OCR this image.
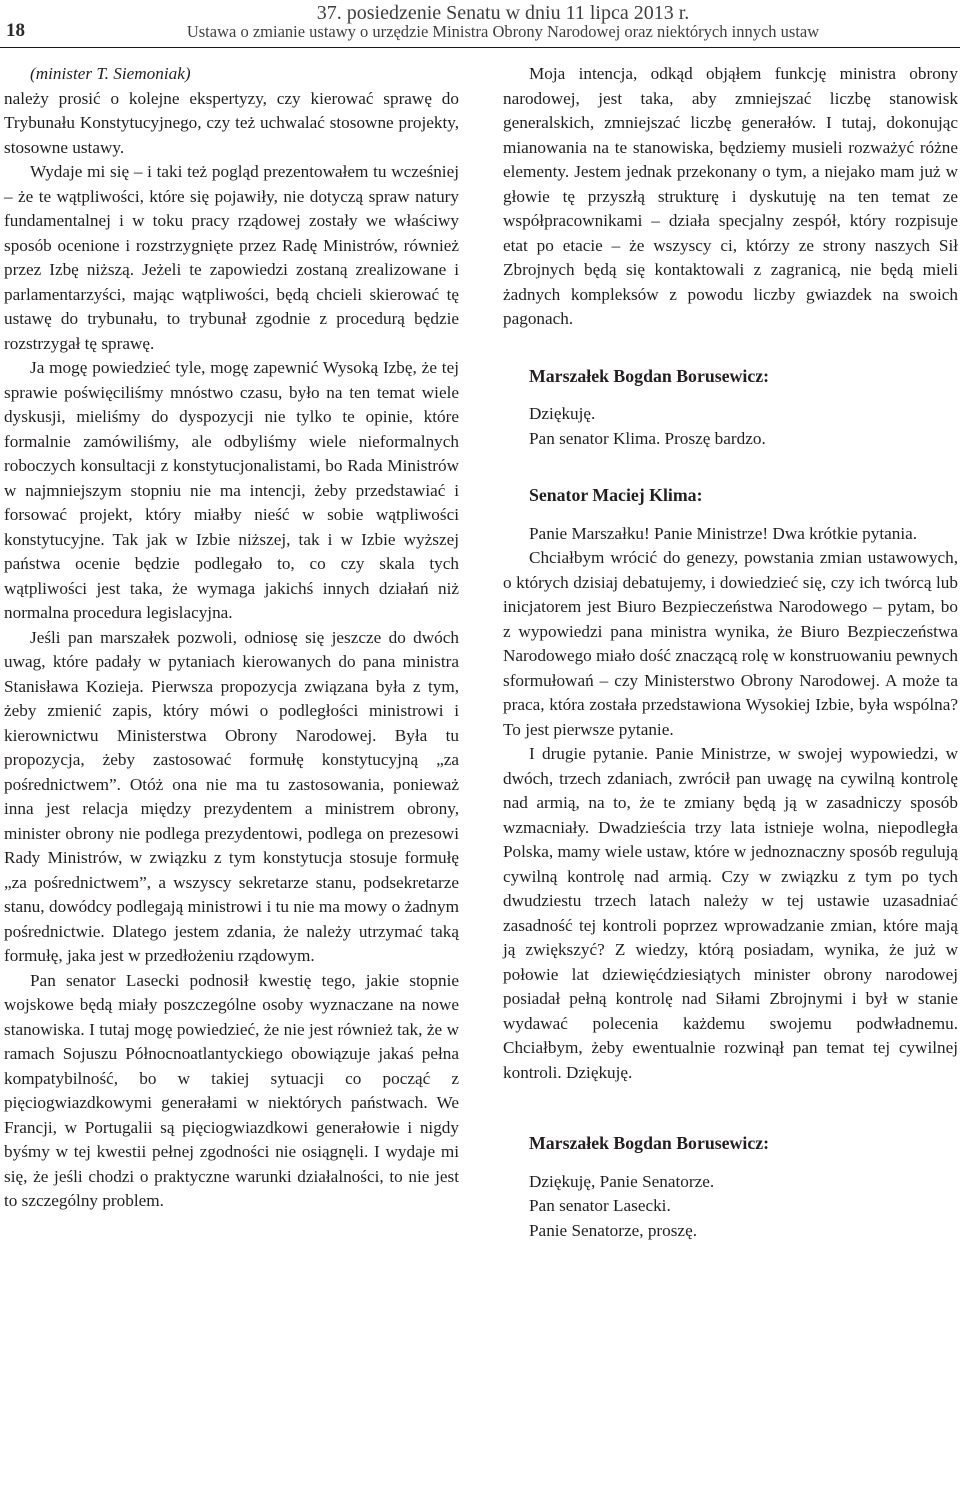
18
37. posiedzenie Senatu w dniu 11 lipca 2013 r.
Ustawa o zmianie ustawy o urzędzie Ministra Obrony Narodowej oraz niektórych innych ustaw

(minister T. Siemoniak)

należy prosić o kolejne ekspertyzy, czy kierować sprawę do Trybunału Konstytucyjnego, czy też uchwalać stosowne projekty, stosowne ustawy.

Wydaje mi się – i taki też pogląd prezentowałem tu wcześniej – że te wątpliwości, które się pojawiły, nie dotyczą spraw natury fundamentalnej i w toku pracy rządowej zostały we właściwy sposób ocenione i rozstrzygnięte przez Radę Ministrów, również przez Izbę niższą. Jeżeli te zapowiedzi zostaną zrealizowane i parlamentarzyści, mając wątpliwości, będą chcieli skierować tę ustawę do trybunału, to trybunał zgodnie z procedurą będzie rozstrzygał tę sprawę.

Ja mogę powiedzieć tyle, mogę zapewnić Wysoką Izbę, że tej sprawie poświęciliśmy mnóstwo czasu, było na ten temat wiele dyskusji, mieliśmy do dyspozycji nie tylko te opinie, które formalnie zamówiliśmy, ale odbyliśmy wiele nieformalnych roboczych konsultacji z konstytucjonalistami, bo Rada Ministrów w najmniejszym stopniu nie ma intencji, żeby przedstawiać i forsować projekt, który miałby nieść w sobie wątpliwości konstytucyjne. Tak jak w Izbie niższej, tak i w Izbie wyższej państwa ocenie będzie podlegało to, co czy skala tych wątpliwości jest taka, że wymaga jakichś innych działań niż normalna procedura legislacyjna.

Jeśli pan marszałek pozwoli, odniosę się jeszcze do dwóch uwag, które padały w pytaniach kierowanych do pana ministra Stanisława Kozieja. Pierwsza propozycja związana była z tym, żeby zmienić zapis, który mówi o podległości ministrowi i kierownictwu Ministerstwa Obrony Narodowej. Była tu propozycja, żeby zastosować formułę konstytucyjną „za pośrednictwem”. Otóż ona nie ma tu zastosowania, ponieważ inna jest relacja między prezydentem a ministrem obrony, minister obrony nie podlega prezydentowi, podlega on prezesowi Rady Ministrów, w związku z tym konstytucja stosuje formułę „za pośrednictwem”, a wszyscy sekretarze stanu, podsekretarze stanu, dowódcy podlegają ministrowi i tu nie ma mowy o żadnym pośrednictwie. Dlatego jestem zdania, że należy utrzymać taką formułę, jaka jest w przedłożeniu rządowym.

Pan senator Lasecki podnosił kwestię tego, jakie stopnie wojskowe będą miały poszczególne osoby wyznaczane na nowe stanowiska. I tutaj mogę powiedzieć, że nie jest również tak, że w ramach Sojuszu Północnoatlantyckiego obowiązuje jakaś pełna kompatybilność, bo w takiej sytuacji co począć z pięciogwiazdkowymi generałami w niektórych państwach. We Francji, w Portugalii są pięciogwiazdkowi generałowie i nigdy byśmy w tej kwestii pełnej zgodności nie osiągnęli. I wydaje mi się, że jeśli chodzi o praktyczne warunki działalności, to nie jest to szczególny problem.

Moja intencja, odkąd objąłem funkcję ministra obrony narodowej, jest taka, aby zmniejszać liczbę stanowisk generalskich, zmniejszać liczbę generałów. I tutaj, dokonując mianowania na te stanowiska, będziemy musieli rozważyć różne elementy. Jestem jednak przekonany o tym, a niejako mam już w głowie tę przyszłą strukturę i dyskutuję na ten temat ze współpracownikami – działa specjalny zespół, który rozpisuje etat po etacie – że wszyscy ci, którzy ze strony naszych Sił Zbrojnych będą się kontaktowali z zagranicą, nie będą mieli żadnych kompleksów z powodu liczby gwiazdek na swoich pagonach.

Marszałek Bogdan Borusewicz:

Dziękuję.

Pan senator Klima. Proszę bardzo.

Senator Maciej Klima:

Panie Marszałku! Panie Ministrze! Dwa krótkie pytania.

Chciałbym wrócić do genezy, powstania zmian ustawowych, o których dzisiaj debatujemy, i dowiedzieć się, czy ich twórcą lub inicjatorem jest Biuro Bezpieczeństwa Narodowego – pytam, bo z wypowiedzi pana ministra wynika, że Biuro Bezpieczeństwa Narodowego miało dość znaczącą rolę w konstruowaniu pewnych sformułowań – czy Ministerstwo Obrony Narodowej. A może ta praca, która została przedstawiona Wysokiej Izbie, była wspólna? To jest pierwsze pytanie.

I drugie pytanie. Panie Ministrze, w swojej wypowiedzi, w dwóch, trzech zdaniach, zwrócił pan uwagę na cywilną kontrolę nad armią, na to, że te zmiany będą ją w zasadniczy sposób wzmacniały. Dwadzieścia trzy lata istnieje wolna, niepodległa Polska, mamy wiele ustaw, które w jednoznaczny sposób regulują cywilną kontrolę nad armią. Czy w związku z tym po tych dwudziestu trzech latach należy w tej ustawie uzasadniać zasadność tej kontroli poprzez wprowadzanie zmian, które mają ją zwiększyć? Z wiedzy, którą posiadam, wynika, że już w połowie lat dziewięćdziesiątych minister obrony narodowej posiadał pełną kontrolę nad Siłami Zbrojnymi i był w stanie wydawać polecenia każdemu swojemu podwładnemu. Chciałbym, żeby ewentualnie rozwinął pan temat tej cywilnej kontroli. Dziękuję.

Marszałek Bogdan Borusewicz:

Dziękuję, Panie Senatorze.

Pan senator Lasecki.

Panie Senatorze, proszę.
